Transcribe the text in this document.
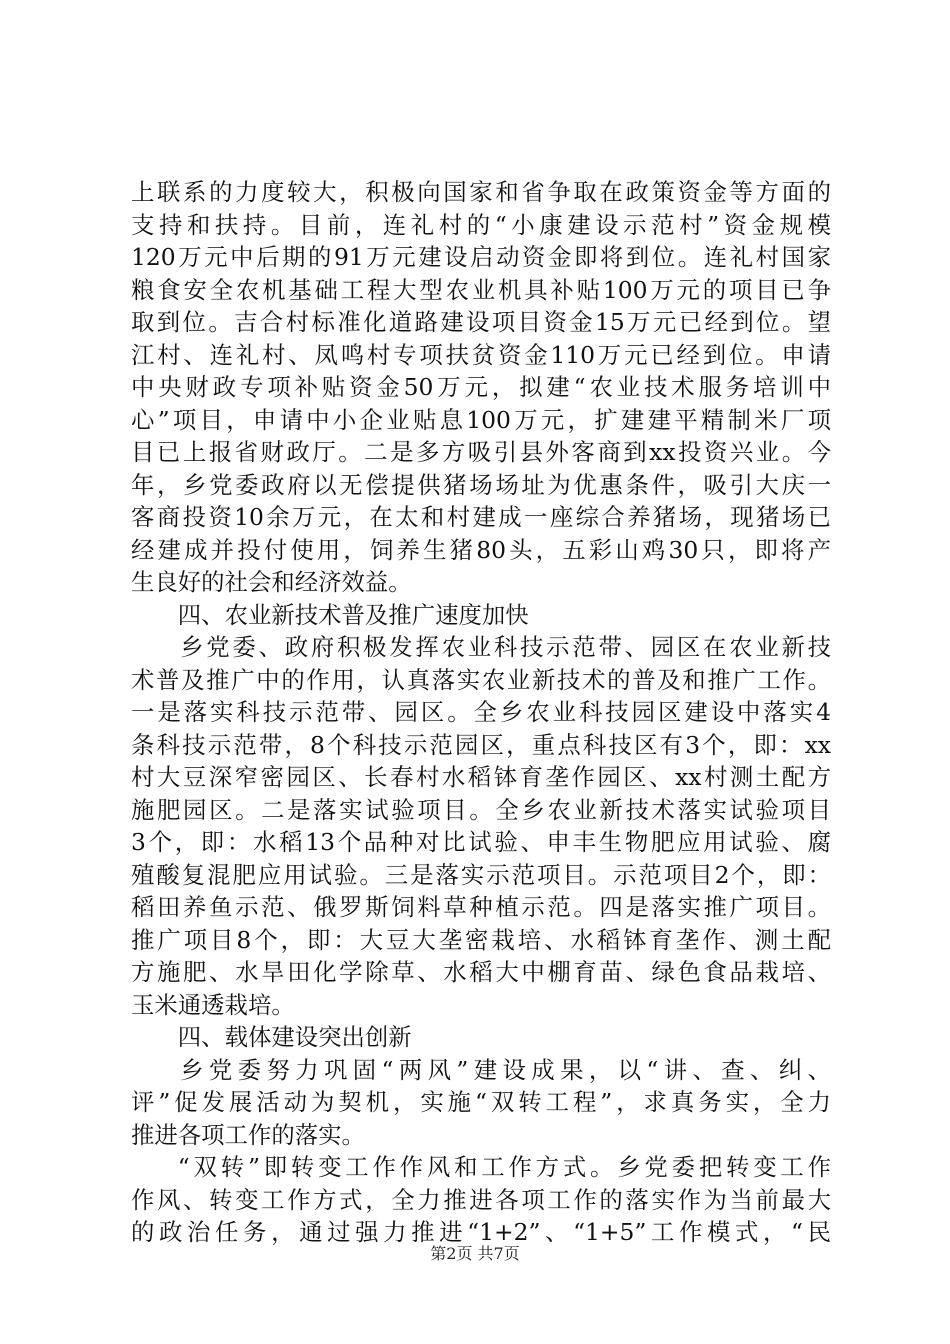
上联系的力度较大，积极向国家和省争取在政策资金等方面的
支持和扶持。目前，连礼村的“小康建设示范村”资金规模
120万元中后期的91万元建设启动资金即将到位。连礼村国家
粮食安全农机基础工程大型农业机具补贴100万元的项目已争
取到位。吉合村标准化道路建设项目资金15万元已经到位。望
江村、连礼村、凤鸣村专项扶贫资金110万元已经到位。申请
中央财政专项补贴资金50万元，拟建“农业技术服务培训中
心”项目，申请中小企业贴息100万元，扩建建平精制米厂项
目已上报省财政厅。二是多方吸引县外客商到xx投资兴业。今
年，乡党委政府以无偿提供猪场场址为优惠条件，吸引大庆一
客商投资10余万元，在太和村建成一座综合养猪场，现猪场已
经建成并投付使用，饲养生猪80头，五彩山鸡30只，即将产
生良好的社会和经济效益。
四、农业新技术普及推广速度加快
乡党委、政府积极发挥农业科技示范带、园区在农业新技
术普及推广中的作用，认真落实农业新技术的普及和推广工作。
一是落实科技示范带、园区。全乡农业科技园区建设中落实4
条科技示范带，8个科技示范园区，重点科技区有3个，即：xx
村大豆深窄密园区、长春村水稻钵育垄作园区、xx村测土配方
施肥园区。二是落实试验项目。全乡农业新技术落实试验项目
3个，即：水稻13个品种对比试验、申丰生物肥应用试验、腐
殖酸复混肥应用试验。三是落实示范项目。示范项目2个，即：
稻田养鱼示范、俄罗斯饲料草种植示范。四是落实推广项目。
推广项目8个，即：大豆大垄密栽培、水稻钵育垄作、测土配
方施肥、水旱田化学除草、水稻大中棚育苗、绿色食品栽培、
玉米通透栽培。
四、载体建设突出创新
乡党委努力巩固“两风”建设成果，以“讲、查、纠、
评”促发展活动为契机，实施“双转工程”，求真务实，全力
推进各项工作的落实。
“双转”即转变工作作风和工作方式。乡党委把转变工作
作风、转变工作方式，全力推进各项工作的落实作为当前最大
的政治任务，通过强力推进“1+2”、“1+5”工作模式，“民
第2页 共7页
